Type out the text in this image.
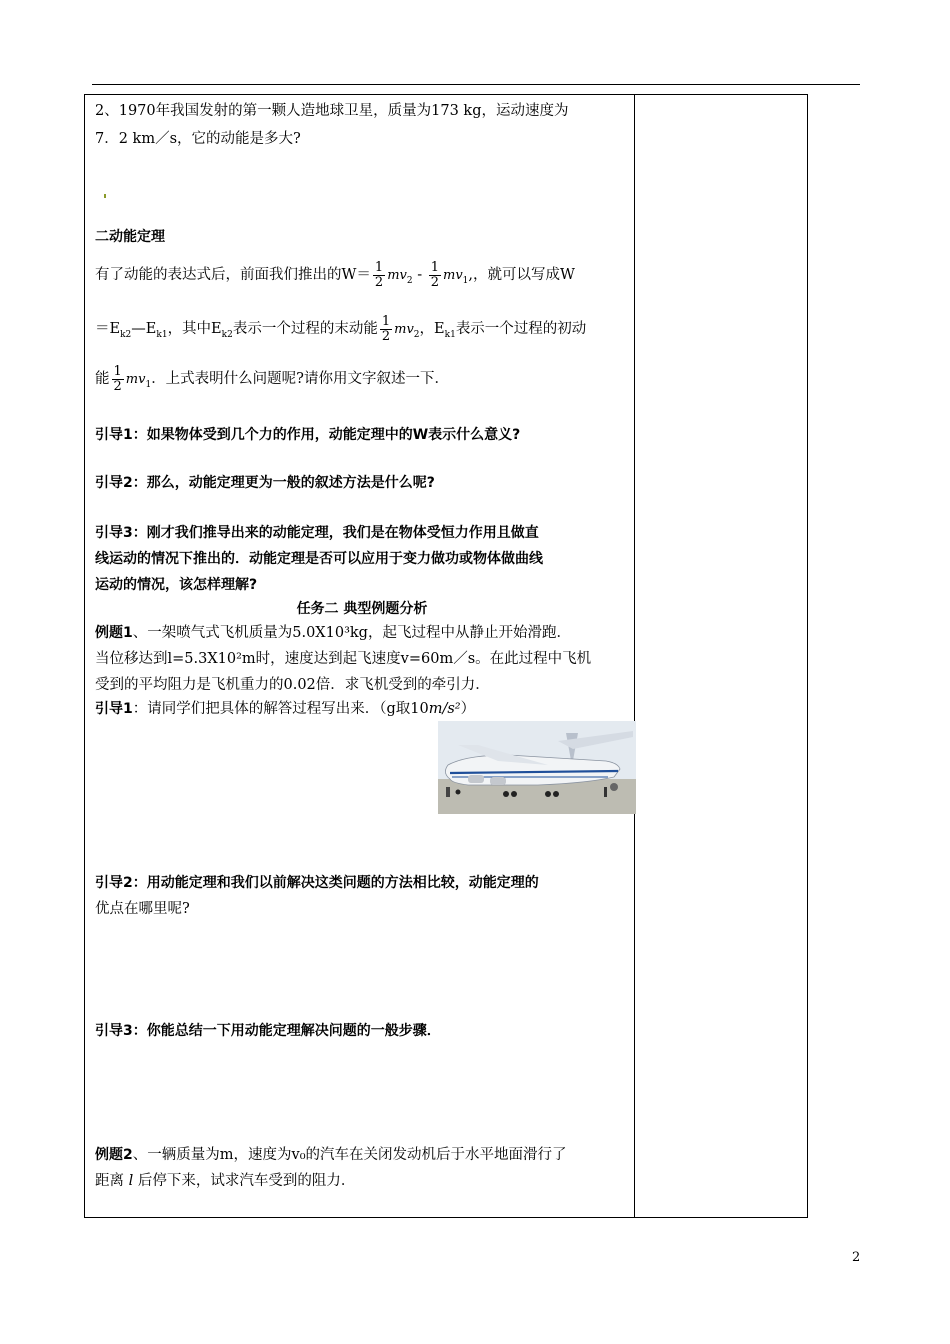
2、1970年我国发射的第一颗人造地球卫星，质量为173 kg，运动速度为

7．2 km／s，它的动能是多大?

二动能定理

有了动能的表达式后，前面我们推出的$W= \frac{1}{2} mv_2 - \frac{1}{2} mv_1$,，就可以写成W

$=E_{k2}—E_{k1}$，其中$E_{k2}$表示一个过程的末动能 $\frac{1}{2} mv_2$，$E_{k1}$表示一个过程的初动

能 $\frac{1}{2} mv_1$．上式表明什么问题呢?请你用文字叙述一下．

引导1：如果物体受到几个力的作用，动能定理中的W表示什么意义?

引导2：那么，动能定理更为一般的叙述方法是什么呢?

引导3：刚才我们推导出来的动能定理，我们是在物体受恒力作用且做直

线运动的情况下推出的．动能定理是否可以应用于变力做功或物体做曲线

运动的情况，该怎样理解?

任务二 典型例题分析

例题1、一架喷气式飞机质量为5.0X10³kg，起飞过程中从静止开始滑跑．

当位移达到l=5.3X10²m时，速度达到起飞速度v=60m／s。在此过程中飞机

受到的平均阻力是飞机重力的0.02倍．求飞机受到的牵引力．

引导1：请同学们把具体的解答过程写出来．（g取10m/s²）

引导2：用动能定理和我们以前解决这类问题的方法相比较，动能定理的

优点在哪里呢?

引导3：你能总结一下用动能定理解决问题的一般步骤．

例题2、一辆质量为m，速度为v₀的汽车在关闭发动机后于水平地面滑行了

距离 l 后停下来，试求汽车受到的阻力．

2
